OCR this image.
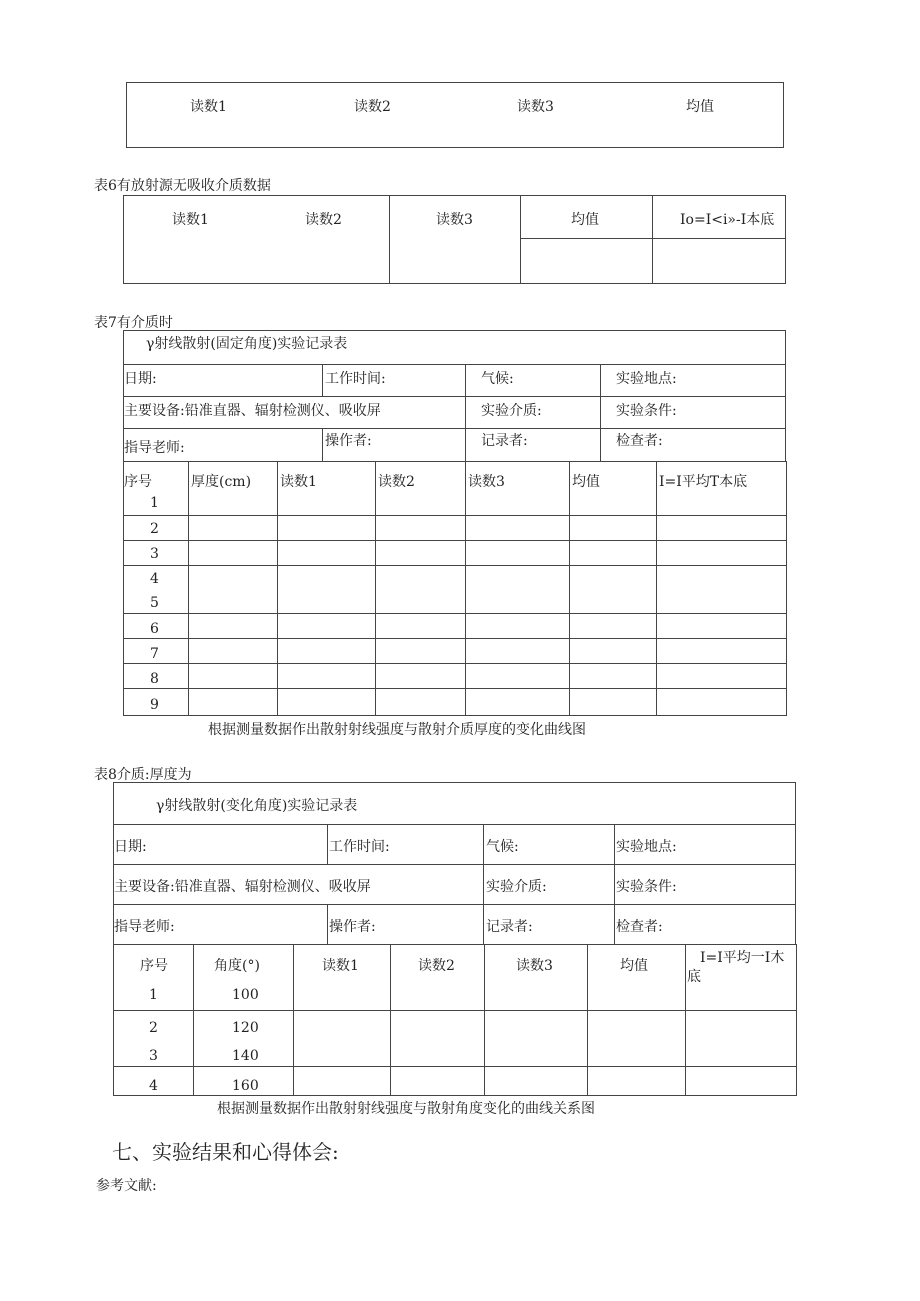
读数1	读数2	读数3	均值
表6有放射源无吸收介质数据
读数1	读数2	读数3	均值	Io=I<i»-I本底
表7有介质时
γ射线散射(固定角度)实验记录表
日期:	工作时间:	气候:	实验地点:
主要设备:铅准直器、辐射检测仪、吸收屏	实验介质:	实验条件:
指导老师:	操作者:	记录者:	检查者:
序号	厚度(cm) 读数1	读数2	读数3	均值	I=I平均T本底
1
2
3
4
5
6
7
8
9
根据测量数据作出散射射线强度与散射介质厚度的变化曲线图
表8介质:厚度为
γ射线散射(变化角度)实验记录表
日期:	工作时间:	气候:	实验地点:
主要设备:铅准直器、辐射检测仪、吸收屏	实验介质:	实验条件:
指导老师:	操作者:	记录者:	检查者:
序号	角度(°)	读数1	读数2	读数3	均值	I=I平均一I木
底
1	100
2	120
3	140
4	160
根据测量数据作出散射射线强度与散射角度变化的曲线关系图
七、实验结果和心得体会:
参考文献:
